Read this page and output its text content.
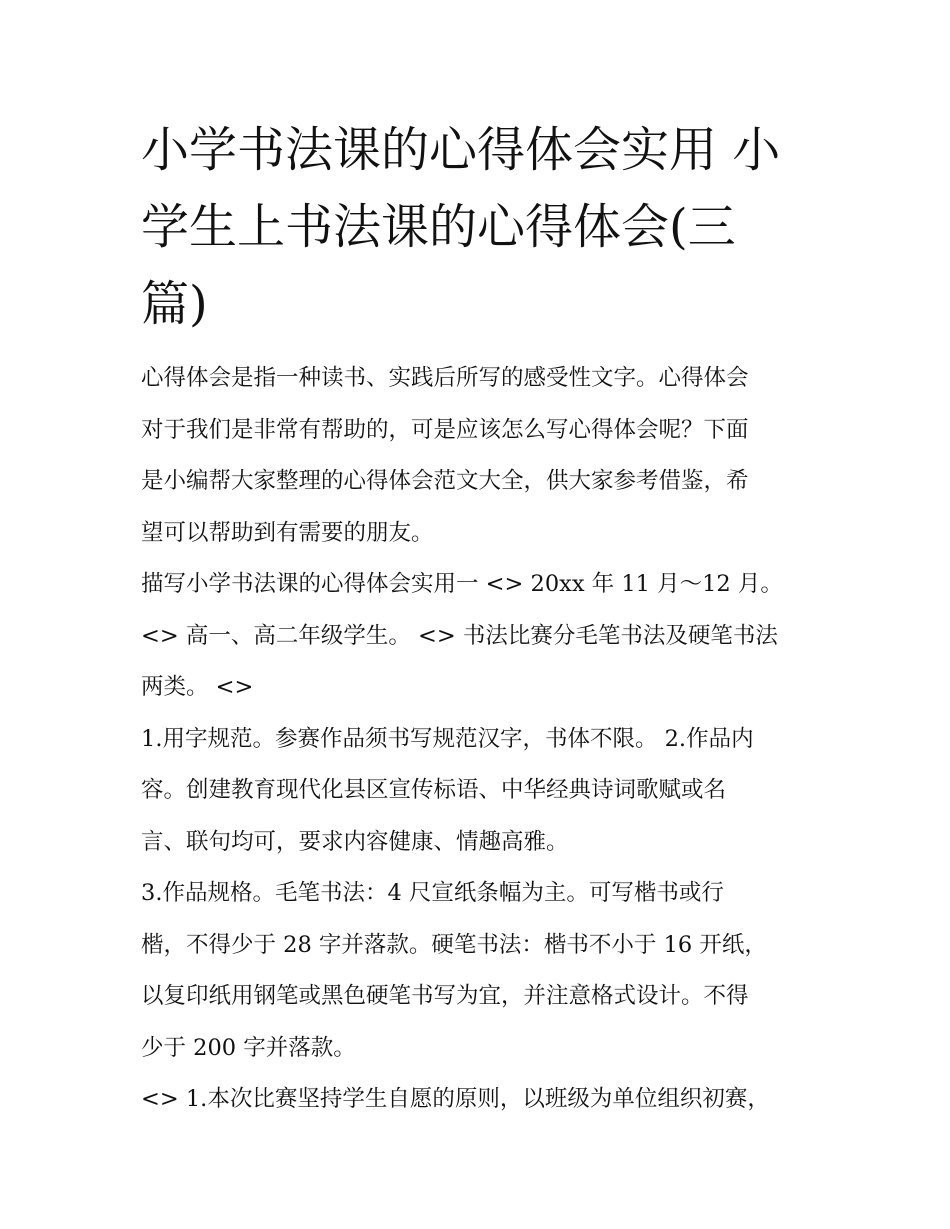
小学书法课的心得体会实用 小
学生上书法课的心得体会(三
篇)
心得体会是指一种读书、实践后所写的感受性文字。心得体会
对于我们是非常有帮助的，可是应该怎么写心得体会呢？下面
是小编帮大家整理的心得体会范文大全，供大家参考借鉴，希
望可以帮助到有需要的朋友。
描写小学书法课的心得体会实用一 <> 20xx 年 11 月～12 月。
<> 高一、高二年级学生。 <> 书法比赛分毛笔书法及硬笔书法
两类。 <>
1.用字规范。参赛作品须书写规范汉字，书体不限。 2.作品内
容。创建教育现代化县区宣传标语、中华经典诗词歌赋或名
言、联句均可，要求内容健康、情趣高雅。
3.作品规格。毛笔书法：4 尺宣纸条幅为主。可写楷书或行
楷，不得少于 28 字并落款。硬笔书法：楷书不小于 16 开纸，
以复印纸用钢笔或黑色硬笔书写为宜，并注意格式设计。不得
少于 200 字并落款。
<> 1.本次比赛坚持学生自愿的原则，以班级为单位组织初赛，
